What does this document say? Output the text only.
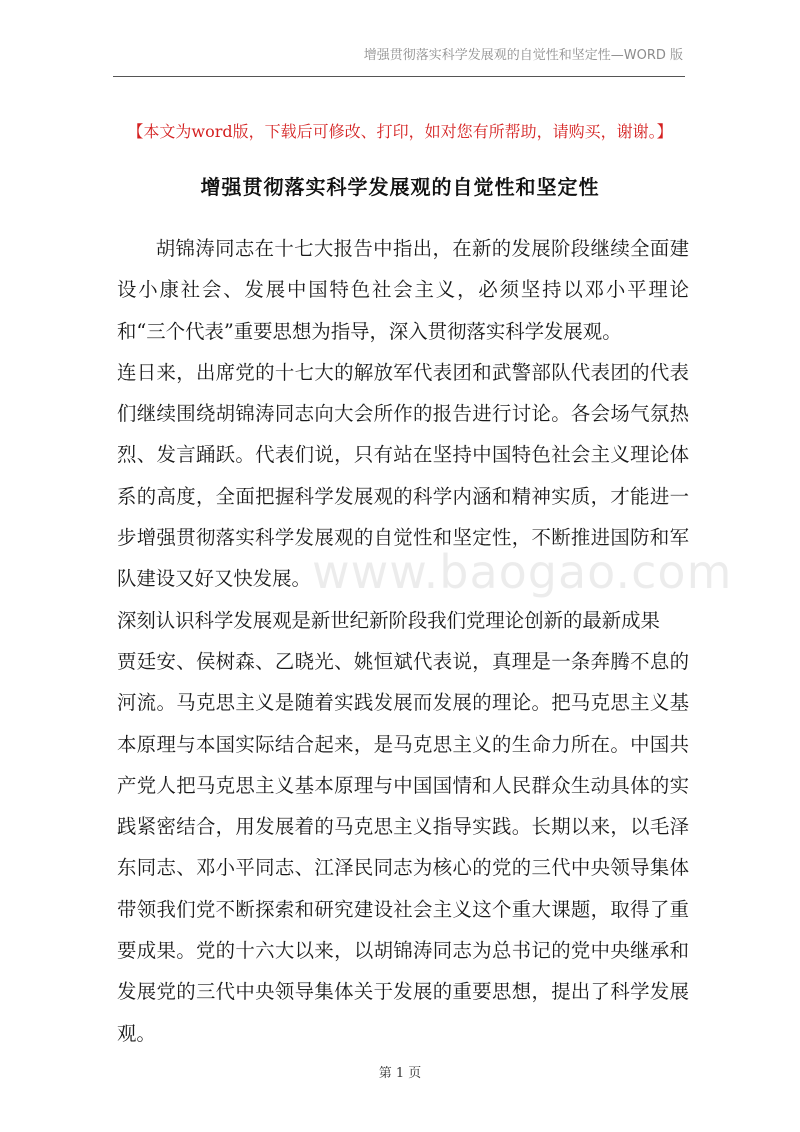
增强贯彻落实科学发展观的自觉性和坚定性—WORD 版
【本文为word版，下载后可修改、打印，如对您有所帮助，请购买，谢谢。】
增强贯彻落实科学发展观的自觉性和坚定性

胡锦涛同志在十七大报告中指出，在新的发展阶段继续全面建设小康社会、发展中国特色社会主义，必须坚持以邓小平理论和“三个代表”重要思想为指导，深入贯彻落实科学发展观。

连日来，出席党的十七大的解放军代表团和武警部队代表团的代表们继续围绕胡锦涛同志向大会所作的报告进行讨论。各会场气氛热烈、发言踊跃。代表们说，只有站在坚持中国特色社会主义理论体系的高度，全面把握科学发展观的科学内涵和精神实质，才能进一步增强贯彻落实科学发展观的自觉性和坚定性，不断推进国防和军队建设又好又快发展。

深刻认识科学发展观是新世纪新阶段我们党理论创新的最新成果

贾廷安、侯树森、乙晓光、姚恒斌代表说，真理是一条奔腾不息的河流。马克思主义是随着实践发展而发展的理论。把马克思主义基本原理与本国实际结合起来，是马克思主义的生命力所在。中国共产党人把马克思主义基本原理与中国国情和人民群众生动具体的实践紧密结合，用发展着的马克思主义指导实践。长期以来，以毛泽东同志、邓小平同志、江泽民同志为核心的党的三代中央领导集体带领我们党不断探索和研究建设社会主义这个重大课题，取得了重要成果。党的十六大以来，以胡锦涛同志为总书记的党中央继承和发展党的三代中央领导集体关于发展的重要思想，提出了科学发展观。

www.baogao.com
第 1 页
